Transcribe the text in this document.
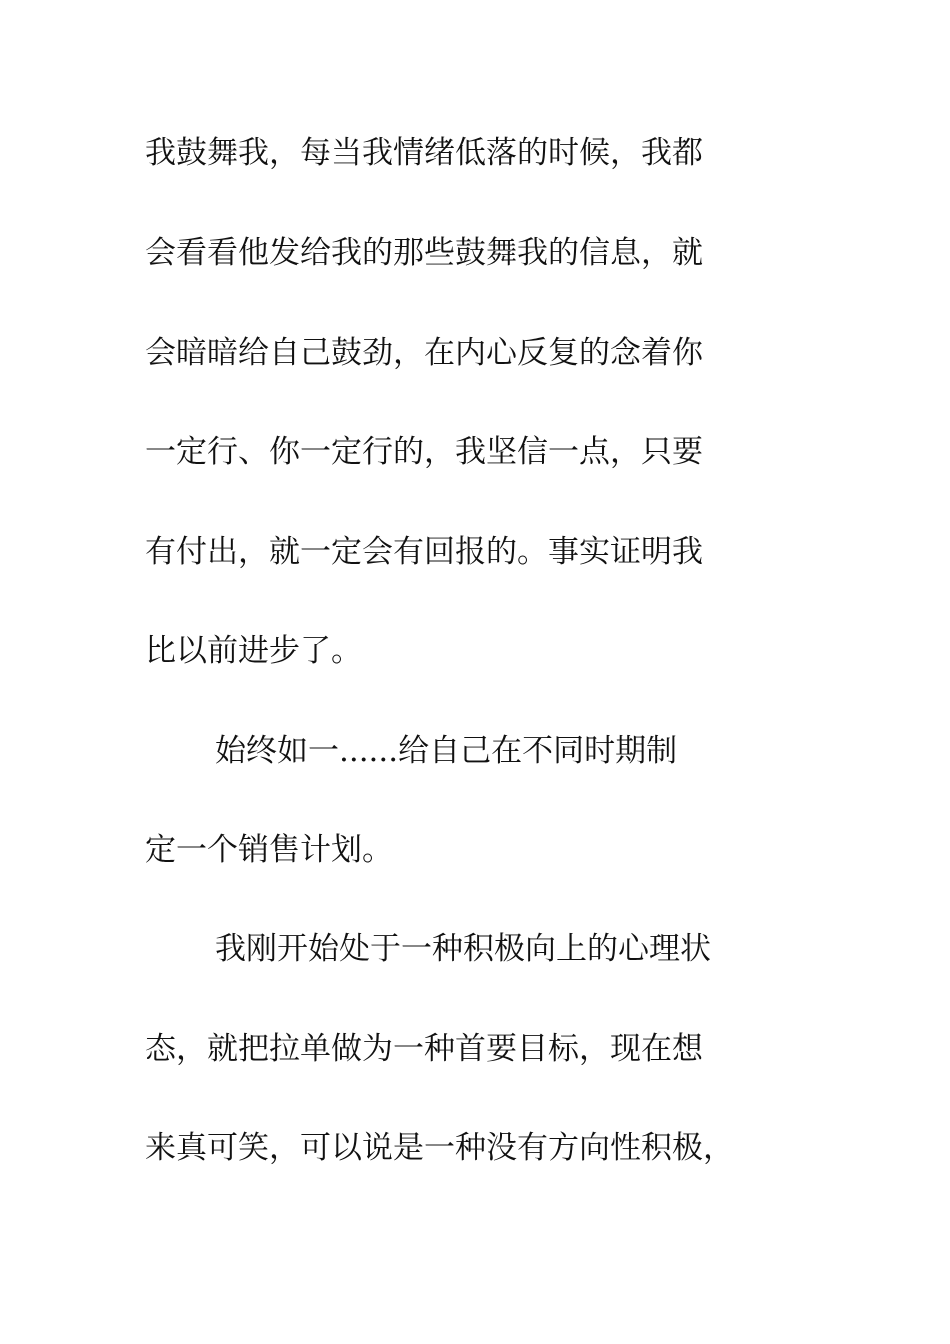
我鼓舞我，每当我情绪低落的时候，我都
会看看他发给我的那些鼓舞我的信息，就
会暗暗给自己鼓劲，在内心反复的念着你
一定行、你一定行的，我坚信一点，只要
有付出，就一定会有回报的。事实证明我
比以前进步了。
始终如一......给自己在不同时期制
定一个销售计划。
我刚开始处于一种积极向上的心理状
态，就把拉单做为一种首要目标，现在想
来真可笑，可以说是一种没有方向性积极，
